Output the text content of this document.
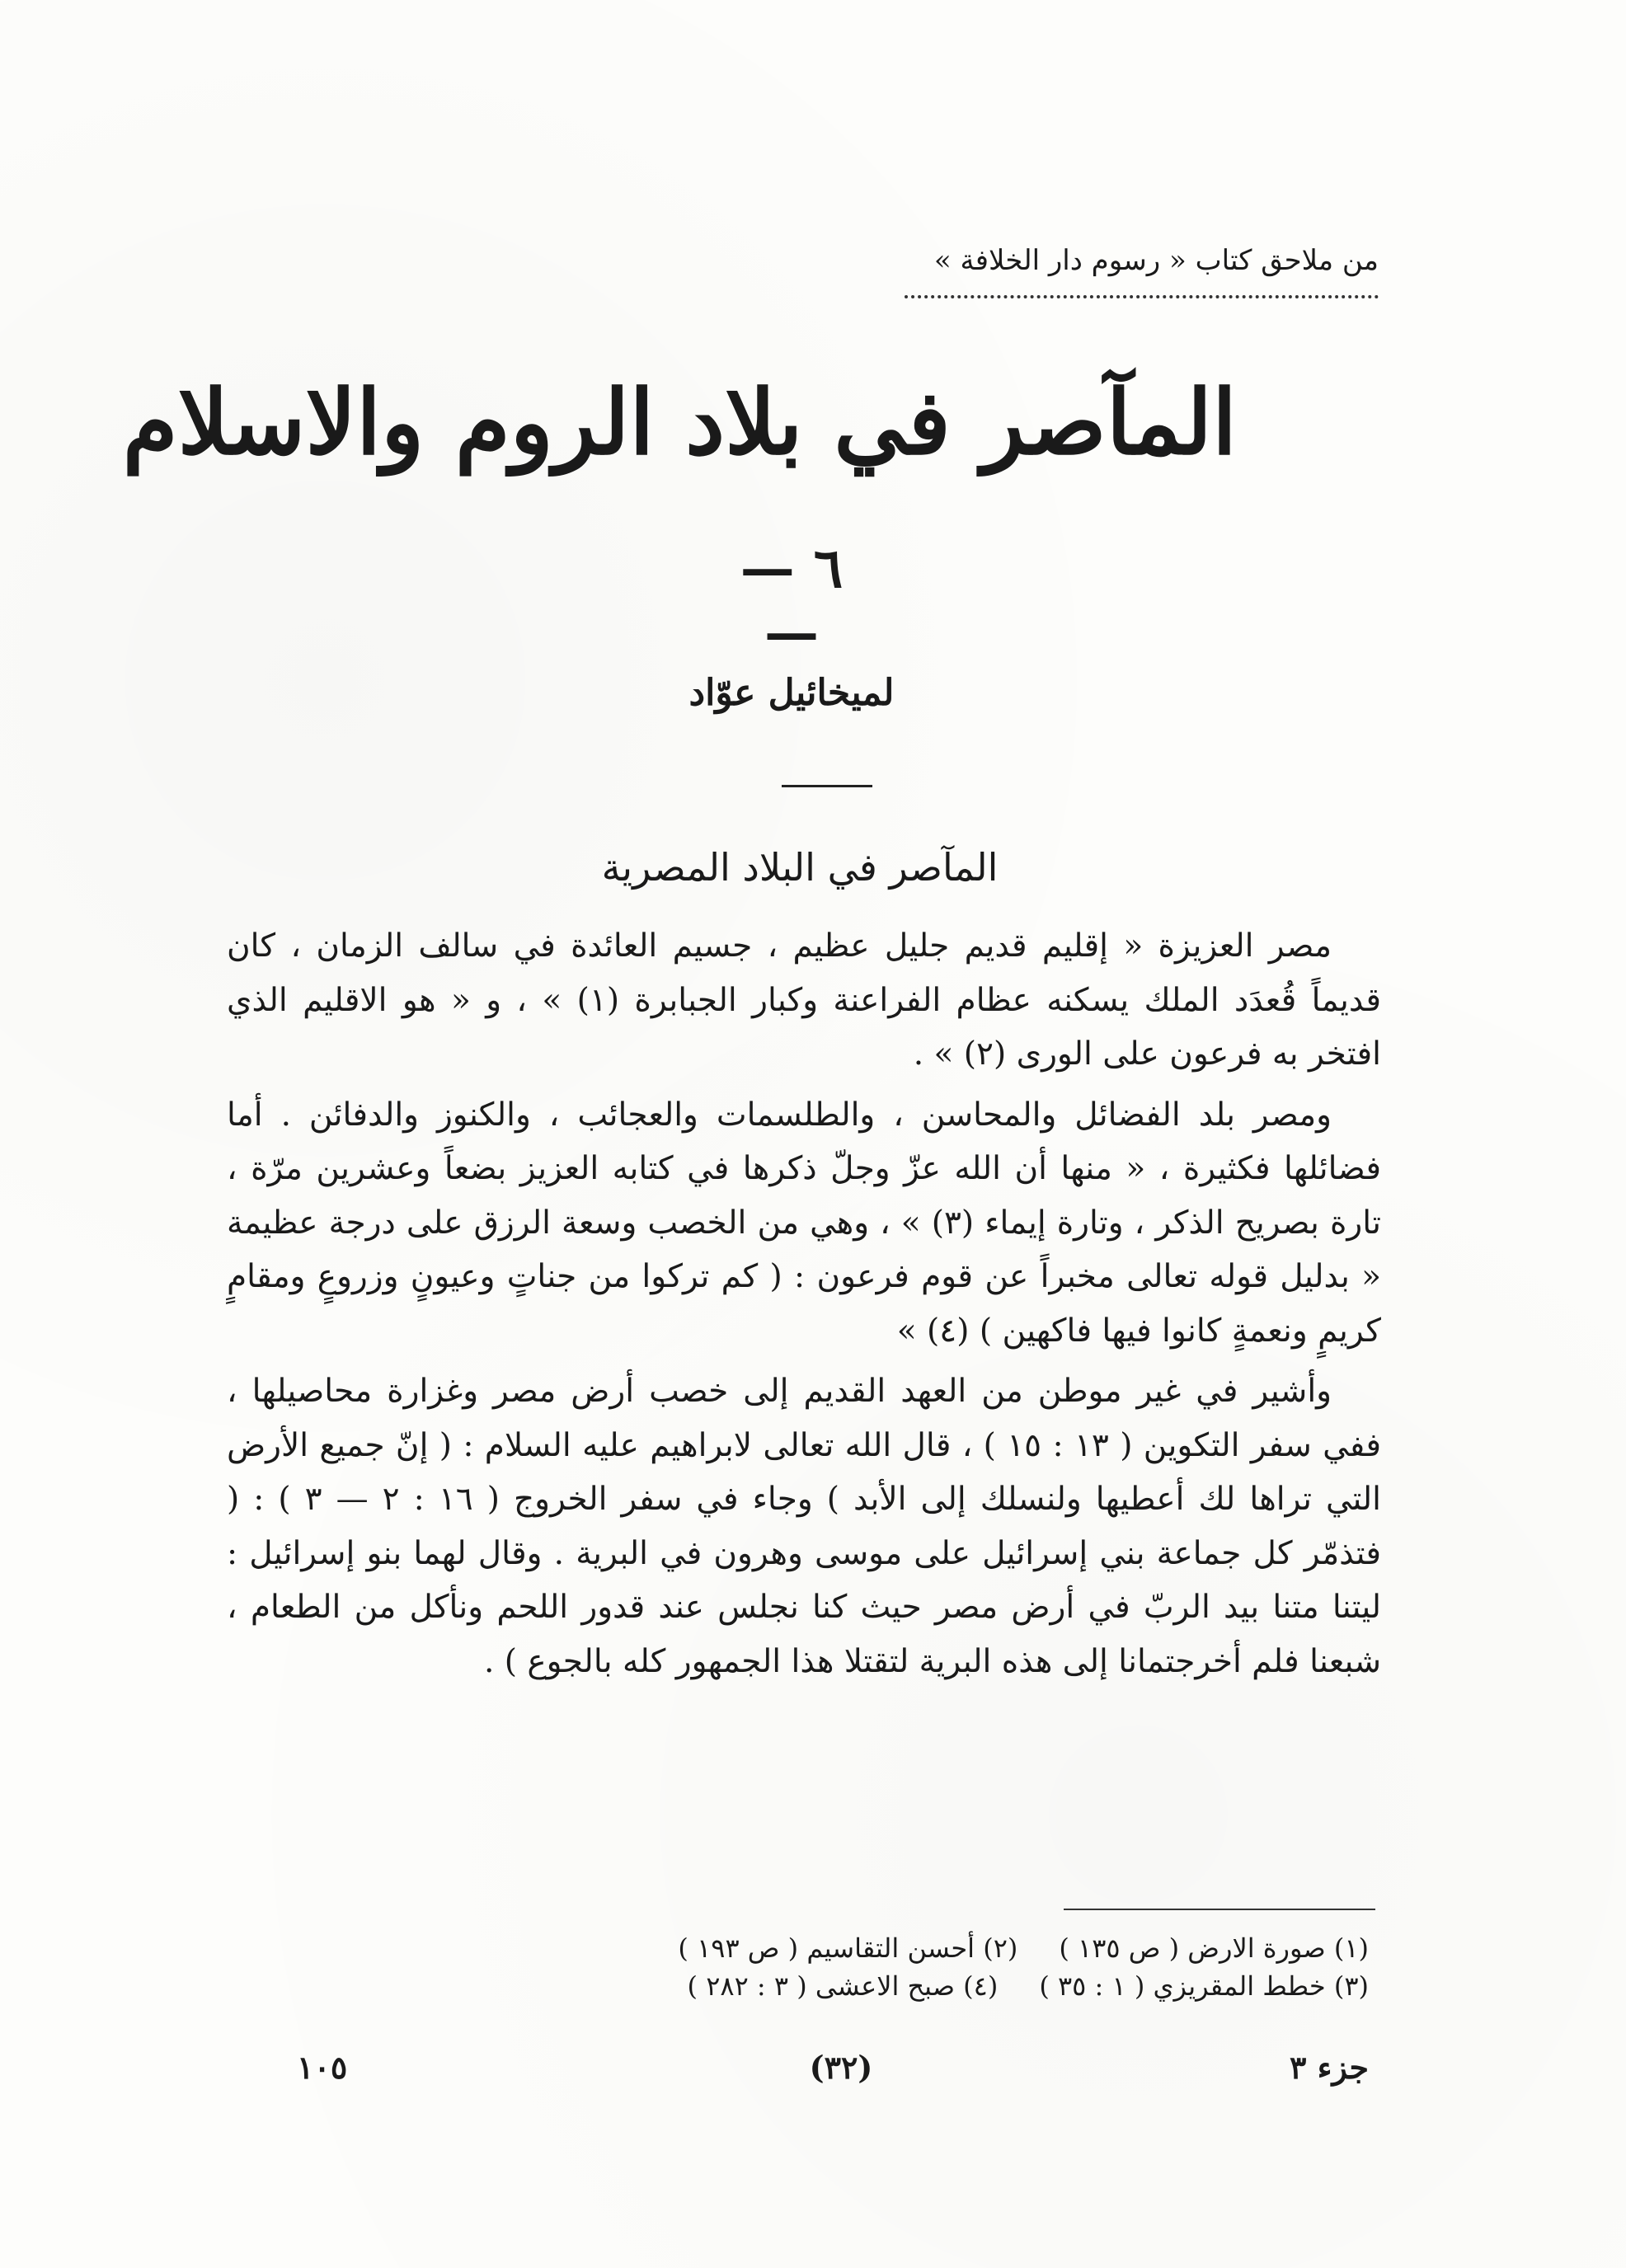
من ملاحق كتاب « رسوم دار الخلافة »
المآصر في بلاد الروم والاسلام
— ٦ —
لميخائيل عوّاد
المآصر في البلاد المصرية

مصر العزيزة « إقليم قديم جليل عظيم ، جسيم العائدة في سالف الزمان ، كان قديماً قُعدَد الملك يسكنه عظام الفراعنة وكبار الجبابرة (١) » ، و « هو الاقليم الذي افتخر به فرعون على الورى (٢) » .

ومصر بلد الفضائل والمحاسن ، والطلسمات والعجائب ، والكنوز والدفائن . أما فضائلها فكثيرة ، « منها أن الله عزّ وجلّ ذكرها في كتابه العزيز بضعاً وعشرين مرّة ، تارة بصريح الذكر ، وتارة إيماء (٣) » ، وهي من الخصب وسعة الرزق على درجة عظيمة « بدليل قوله تعالى مخبراً عن قوم فرعون : ( كم تركوا من جناتٍ وعيونٍ وزروعٍ ومقامٍ كريمٍ ونعمةٍ كانوا فيها فاكهين ) (٤) »

وأشير في غير موطن من العهد القديم إلى خصب أرض مصر وغزارة محاصيلها ، ففي سفر التكوين ( ١٣ : ١٥ ) ، قال الله تعالى لابراهيم عليه السلام : ( إنّ جميع الأرض التي تراها لك أعطيها ولنسلك إلى الأبد ) وجاء في سفر الخروج ( ١٦ : ٢ — ٣ ) : ( فتذمّر كل جماعة بني إسرائيل على موسى وهرون في البرية . وقال لهما بنو إسرائيل : ليتنا متنا بيد الربّ في أرض مصر حيث كنا نجلس عند قدور اللحم ونأكل من الطعام ، شبعنا فلم أخرجتمانا إلى هذه البرية لتقتلا هذا الجمهور كله بالجوع ) .

(١) صورة الارض ( ص ١٣٥ )
(٢) أحسن التقاسيم ( ص ١٩٣ )
(٣) خطط المقريزي ( ١ : ٣٥ )
(٤) صبح الاعشى ( ٣ : ٢٨٢ )
١٠٥	(٣٢)	جزء ٣
